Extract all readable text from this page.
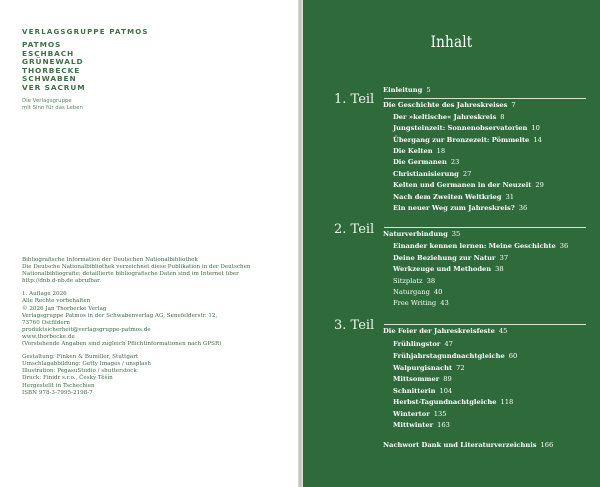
VERLAGSGRUPPE PATMOS
PATMOS
ESCHBACH
GRÜNEWALD
THORBECKE
SCHWABEN
VER SACRUM
Die Verlagsgruppe
mit Sinn für das Leben

Bibliografische Information der Deutschen Nationalbibliothek
Die Deutsche Nationalbibliothek verzeichnet diese Publikation in der Deutschen
Nationalbibliografie; detaillierte bibliografische Daten sind im Internet über
http://dnb.d-nb.de abrufbar.

1. Auflage 2026
Alle Rechte vorbehalten
© 2026 Jan Thorbecke Verlag
Verlagsgruppe Patmos in der Schwabenverlag AG, Senefelderstr. 12,
73760 Ostfildern
produktsicherheit@verlagsgruppe-patmos.de
www.thorbecke.de
(Vorstehende Angaben sind zugleich Pflichtinformationen nach GPSR)

Gestaltung: Finken & Bumiller, Stuttgart
Umschlagabbildung: Getty Images / unsplash
Illustration: PegasuStudio / shutterstock
Druck: Finidr s.r.o., Český Těšín
Hergestellt in Tschechien
ISBN 978-3-7995-2198-7

Inhalt
Einleitung 5
1. Teil Die Geschichte des Jahreskreises 7
Der »keltische« Jahreskreis 8
Jungsteinzeit: Sonnenobservatorien 10
Übergang zur Bronzezeit: Pömmelte 14
Die Kelten 18
Die Germanen 23
Christianisierung 27
Kelten und Germanen in der Neuzeit 29
Nach dem Zweiten Weltkrieg 31
Ein neuer Weg zum Jahreskreis? 36
2. Teil Naturverbindung 35
Einander kennen lernen: Meine Geschichte 36
Deine Beziehung zur Natur 37
Werkzeuge und Methoden 38
Sitzplatz 38
Naturgang 40
Free Writing 43
3. Teil Die Feier der Jahreskreisfeste 45
Frühlingstor 47
Frühjahrstagundnachtgleiche 60
Walpurgisnacht 72
Mittsommer 89
Schnitterin 104
Herbst-Tagundnachtgleiche 118
Wintertor 135
Mittwinter 163
Nachwort Dank und Literaturverzeichnis 166
